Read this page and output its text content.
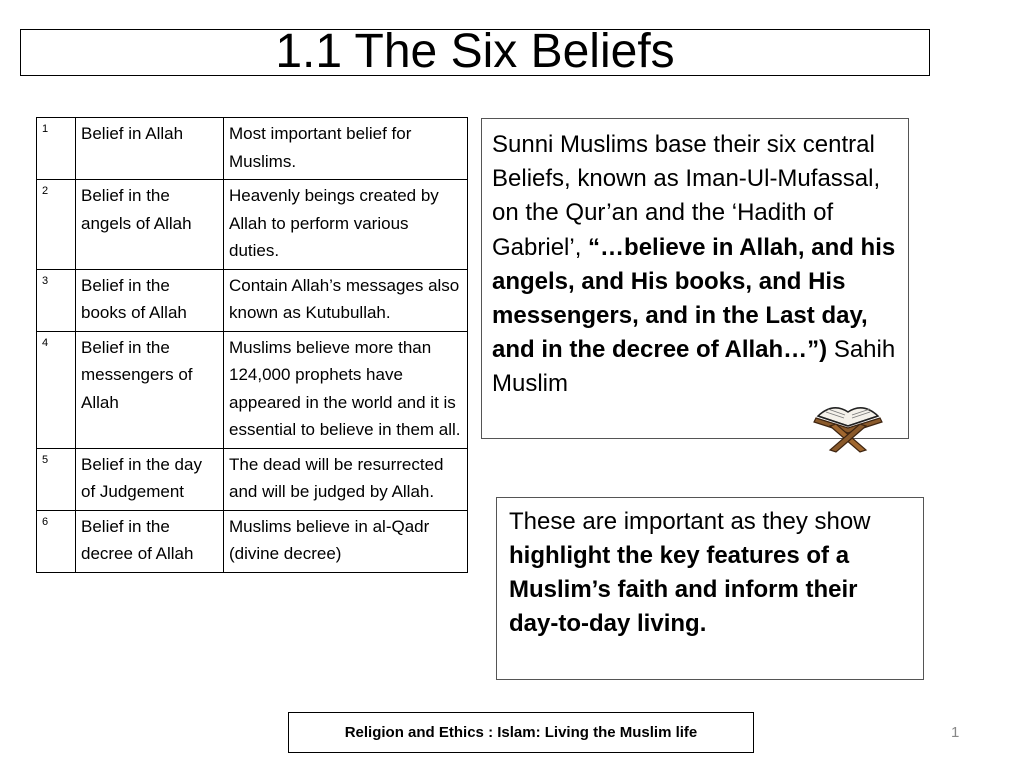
1.1 The Six Beliefs
1	Belief in Allah	Most important belief for Muslims.
2	Belief in the angels of Allah	Heavenly beings created by Allah to perform various duties.
3	Belief in the books of Allah	Contain Allah’s messages also known as Kutubullah.
4	Belief in the messengers of Allah	Muslims believe more than 124,000 prophets have appeared in the world and it is essential to believe in them all.
5	Belief in the day of Judgement	The dead will be resurrected and will be judged by Allah.
6	Belief in the decree of Allah	Muslims believe in al-Qadr (divine decree)
Sunni Muslims base their six central Beliefs, known as Iman-Ul-Mufassal, on the Qur’an and the ‘Hadith of Gabriel’, “…believe in Allah, and his angels, and His books, and His messengers, and in the Last day, and in the decree of Allah…”) Sahih Muslim
These are important as they show highlight the key features of a Muslim’s faith and inform their day-to-day living.
Religion and Ethics : Islam: Living the Muslim life	1
